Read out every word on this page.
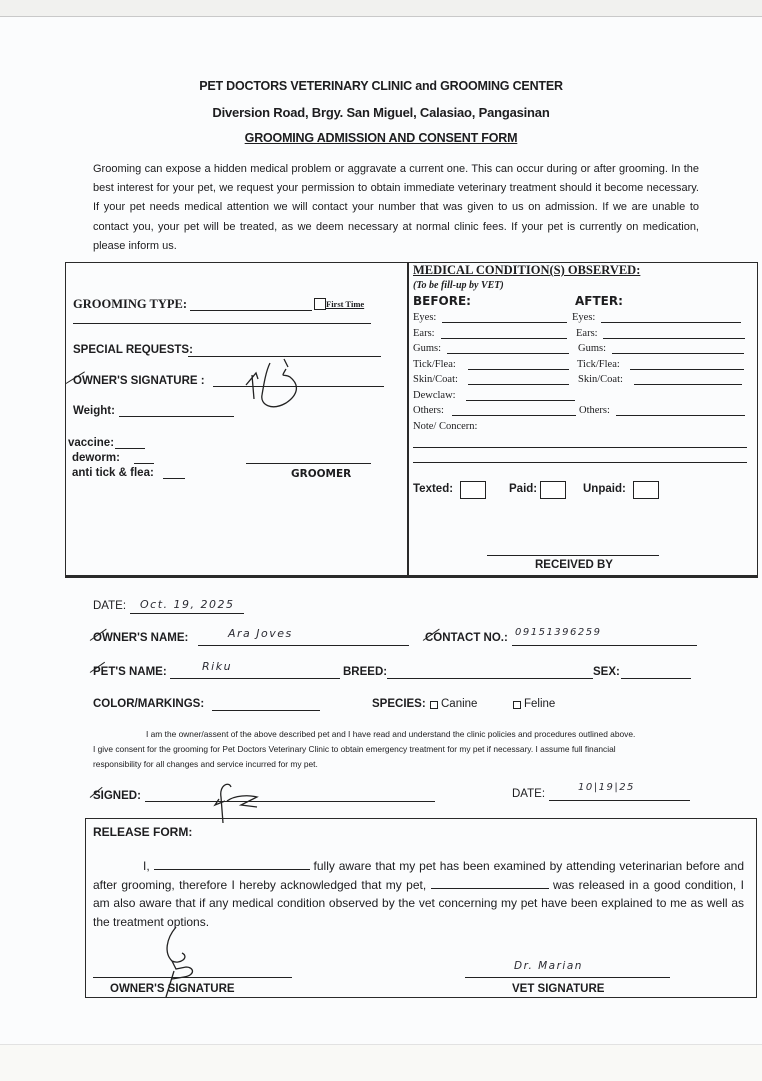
PET DOCTORS VETERINARY CLINIC and GROOMING CENTER
Diversion Road, Brgy. San Miguel, Calasiao, Pangasinan
GROOMING ADMISSION AND CONSENT FORM
Grooming can expose a hidden medical problem or aggravate a current one. This can occur during or after grooming. In the best interest for your pet, we request your permission to obtain immediate veterinary treatment should it become necessary. If your pet needs medical attention we will contact your number that was given to us on admission. If we are unable to contact you, your pet will be treated, as we deem necessary at normal clinic fees. If your pet is currently on medication, please inform us.
GROOMING TYPE:	First Time
SPECIAL REQUESTS:
OWNER'S SIGNATURE :
Weight:
vaccine:
deworm:
anti tick & flea:	GROOMER
MEDICAL CONDITION(S) OBSERVED:
(To be fill-up by VET)
BEFORE:	AFTER:
Eyes:	Eyes:
Ears:	Ears:
Gums:	Gums:
Tick/Flea:	Tick/Flea:
Skin/Coat:	Skin/Coat:
Dewclaw:
Others:	Others:
Note/ Concern:
Texted:	Paid:	Unpaid:
RECEIVED BY
DATE: Oct. 19, 2025
OWNER'S NAME:	Ara Joves	CONTACT NO.: 09151396259
PET'S NAME:	Riku	BREED:	SEX:
COLOR/MARKINGS:	SPECIES: Canine	Feline
I am the owner/assent of the above described pet and I have read and understand the clinic policies and procedures outlined above.
I give consent for the grooming for Pet Doctors Veterinary Clinic to obtain emergency treatment for my pet if necessary. I assume full financial
responsibility for all changes and service incurred for my pet.
SIGNED:	DATE:
10|19|25
RELEASE FORM:
I,	fully aware that my pet has been examined by attending veterinarian before and after grooming, therefore I hereby acknowledged that my pet,	was released in a good condition, I am also aware that if any medical condition observed by the vet concerning my pet have been explained to me as well as the treatment options.
OWNER'S SIGNATURE
Dr. Marian
VET SIGNATURE
